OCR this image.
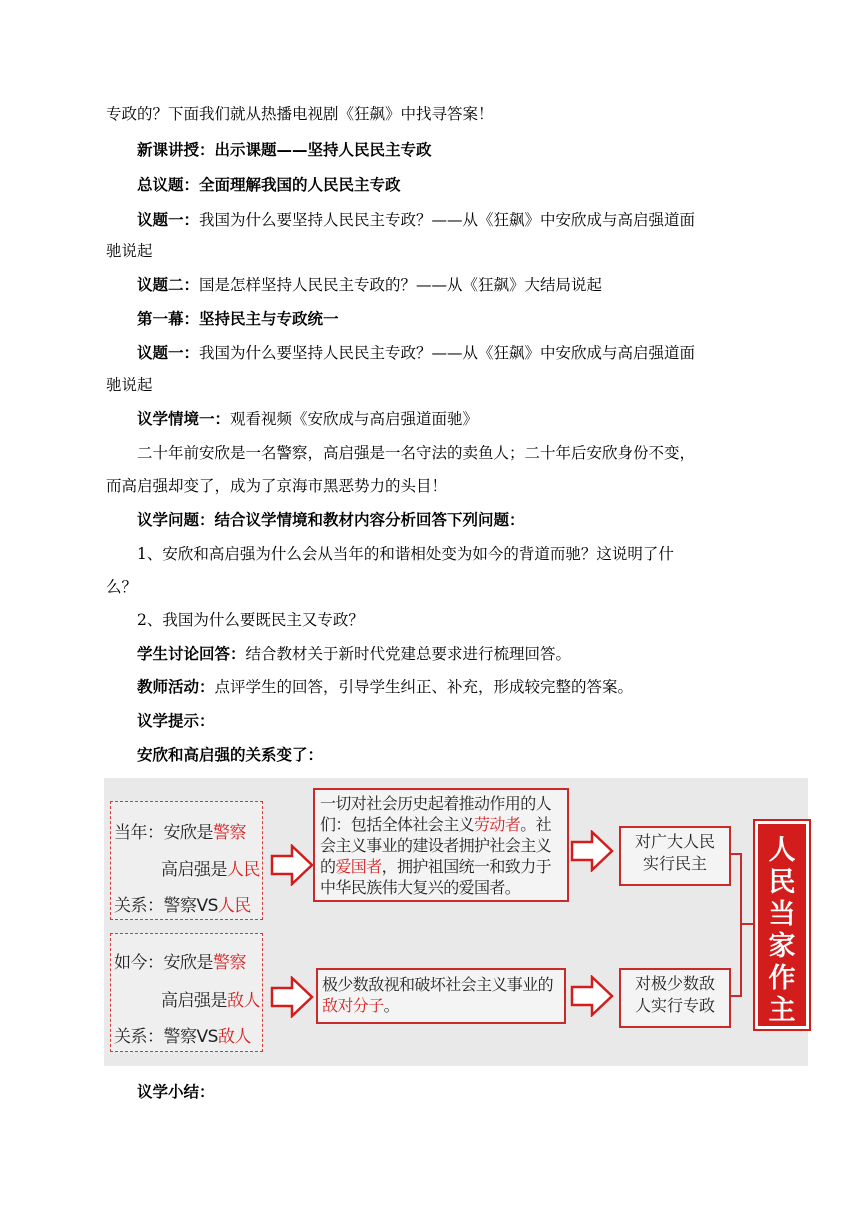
专政的？下面我们就从热播电视剧《狂飙》中找寻答案！
新课讲授：出示课题——坚持人民民主专政
总议题：全面理解我国的人民民主专政
议题一：我国为什么要坚持人民民主专政？——从《狂飙》中安欣成与高启强道面
驰说起
议题二：国是怎样坚持人民民主专政的？——从《狂飙》大结局说起
第一幕：坚持民主与专政统一
议题一：我国为什么要坚持人民民主专政？——从《狂飙》中安欣成与高启强道面
驰说起
议学情境一：观看视频《安欣成与高启强道面驰》
二十年前安欣是一名警察，高启强是一名守法的卖鱼人；二十年后安欣身份不变，
而高启强却变了，成为了京海市黑恶势力的头目！
议学问题：结合议学情境和教材内容分析回答下列问题：
1、安欣和高启强为什么会从当年的和谐相处变为如今的背道而驰？这说明了什
么？
2、我国为什么要既民主又专政？
学生讨论回答：结合教材关于新时代党建总要求进行梳理回答。
教师活动：点评学生的回答，引导学生纠正、补充，形成较完整的答案。
议学提示：
安欣和高启强的关系变了：
当年：安欣是警察
高启强是人民
关系：警察VS人民
如今：安欣是警察
高启强是敌人
关系：警察VS敌人
一切对社会历史起着推动作用的人们：包括全体社会主义劳动者。社会主义事业的建设者拥护社会主义的爱国者，拥护祖国统一和致力于中华民族伟大复兴的爱国者。
极少数敌视和破坏社会主义事业的敌对分子。
对广大人民
实行民主
对极少数敌
人实行专政
人
民
当
家
作
主
议学小结：
